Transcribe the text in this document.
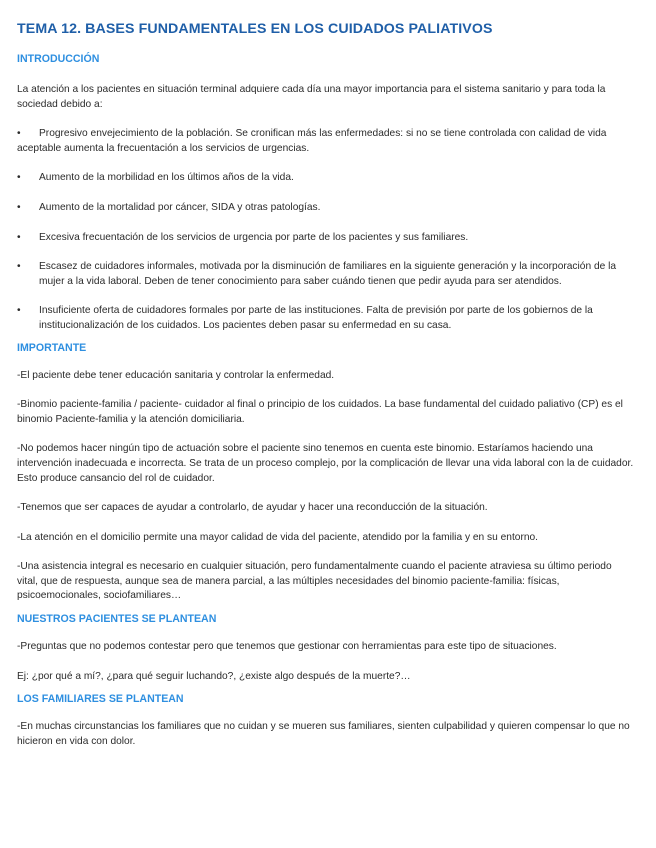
TEMA 12. BASES FUNDAMENTALES EN LOS CUIDADOS PALIATIVOS
INTRODUCCIÓN

La atención a los pacientes en situación terminal adquiere cada día una mayor importancia para el sistema sanitario y para toda la sociedad debido a:

• Progresivo envejecimiento de la población. Se cronifican más las enfermedades: si no se tiene controlada con calidad de vida aceptable aumenta la frecuentación a los servicios de urgencias.
• Aumento de la morbilidad en los últimos años de la vida.
• Aumento de la mortalidad por cáncer, SIDA y otras patologías.
• Excesiva frecuentación de los servicios de urgencia por parte de los pacientes y sus familiares.
• Escasez de cuidadores informales, motivada por la disminución de familiares en la siguiente generación y la incorporación de la mujer a la vida laboral. Deben de tener conocimiento para saber cuándo tienen que pedir ayuda para ser atendidos.
• Insuficiente oferta de cuidadores formales por parte de las instituciones. Falta de previsión por parte de los gobiernos de la institucionalización de los cuidados. Los pacientes deben pasar su enfermedad en su casa.
IMPORTANTE

-El paciente debe tener educación sanitaria y controlar la enfermedad.

-Binomio paciente-familia / paciente- cuidador al final o principio de los cuidados. La base fundamental del cuidado paliativo (CP) es el binomio Paciente-familia y la atención domiciliaria.

-No podemos hacer ningún tipo de actuación sobre el paciente sino tenemos en cuenta este binomio. Estaríamos haciendo una intervención inadecuada e incorrecta. Se trata de un proceso complejo, por la complicación de llevar una vida laboral con la de cuidador. Esto produce cansancio del rol de cuidador.

-Tenemos que ser capaces de ayudar a controlarlo, de ayudar y hacer una reconducción de la situación.

-La atención en el domicilio permite una mayor calidad de vida del paciente, atendido por la familia y en su entorno.

-Una asistencia integral es necesario en cualquier situación, pero fundamentalmente cuando el paciente atraviesa su último periodo vital, que de respuesta, aunque sea de manera parcial, a las múltiples necesidades del binomio paciente-familia: físicas, psicoemocionales, sociofamiliares…

NUESTROS PACIENTES SE PLANTEAN

-Preguntas que no podemos contestar pero que tenemos que gestionar con herramientas para este tipo de situaciones.

Ej: ¿por qué a mí?, ¿para qué seguir luchando?, ¿existe algo después de la muerte?…

LOS FAMILIARES SE PLANTEAN

-En muchas circunstancias los familiares que no cuidan y se mueren sus familiares, sienten culpabilidad y quieren compensar lo que no hicieron en vida con dolor.
